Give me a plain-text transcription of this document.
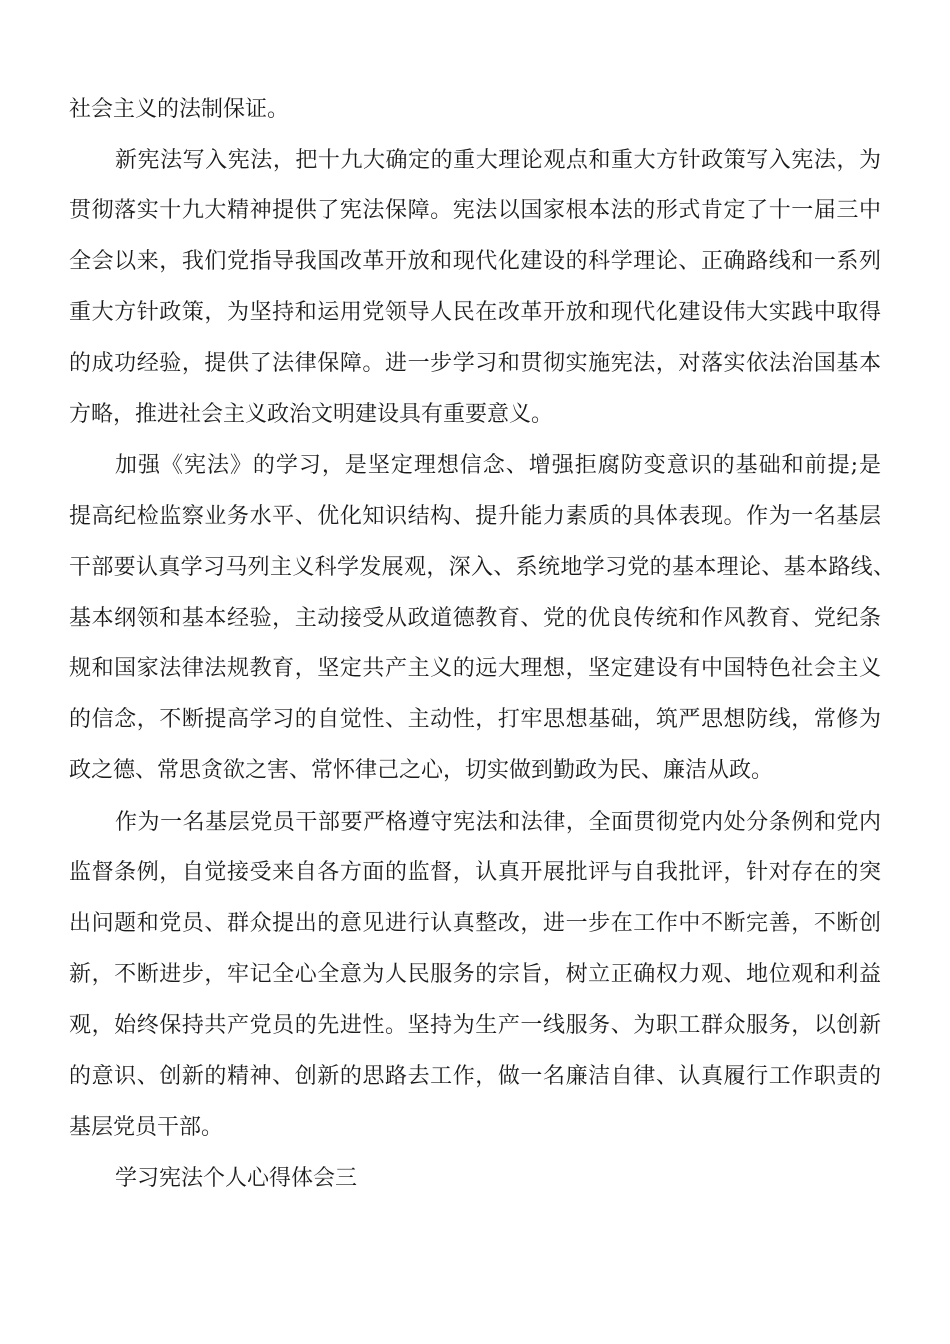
社会主义的法制保证。
新宪法写入宪法，把十九大确定的重大理论观点和重大方针政策写入宪法，为
贯彻落实十九大精神提供了宪法保障。宪法以国家根本法的形式肯定了十一届三中
全会以来，我们党指导我国改革开放和现代化建设的科学理论、正确路线和一系列
重大方针政策，为坚持和运用党领导人民在改革开放和现代化建设伟大实践中取得
的成功经验，提供了法律保障。进一步学习和贯彻实施宪法，对落实依法治国基本
方略，推进社会主义政治文明建设具有重要意义。
加强《宪法》的学习，是坚定理想信念、增强拒腐防变意识的基础和前提;是
提高纪检监察业务水平、优化知识结构、提升能力素质的具体表现。作为一名基层
干部要认真学习马列主义科学发展观，深入、系统地学习党的基本理论、基本路线、
基本纲领和基本经验，主动接受从政道德教育、党的优良传统和作风教育、党纪条
规和国家法律法规教育，坚定共产主义的远大理想，坚定建设有中国特色社会主义
的信念，不断提高学习的自觉性、主动性，打牢思想基础，筑严思想防线，常修为
政之德、常思贪欲之害、常怀律己之心，切实做到勤政为民、廉洁从政。
作为一名基层党员干部要严格遵守宪法和法律，全面贯彻党内处分条例和党内
监督条例，自觉接受来自各方面的监督，认真开展批评与自我批评，针对存在的突
出问题和党员、群众提出的意见进行认真整改，进一步在工作中不断完善，不断创
新，不断进步，牢记全心全意为人民服务的宗旨，树立正确权力观、地位观和利益
观，始终保持共产党员的先进性。坚持为生产一线服务、为职工群众服务，以创新
的意识、创新的精神、创新的思路去工作，做一名廉洁自律、认真履行工作职责的
基层党员干部。
学习宪法个人心得体会三
